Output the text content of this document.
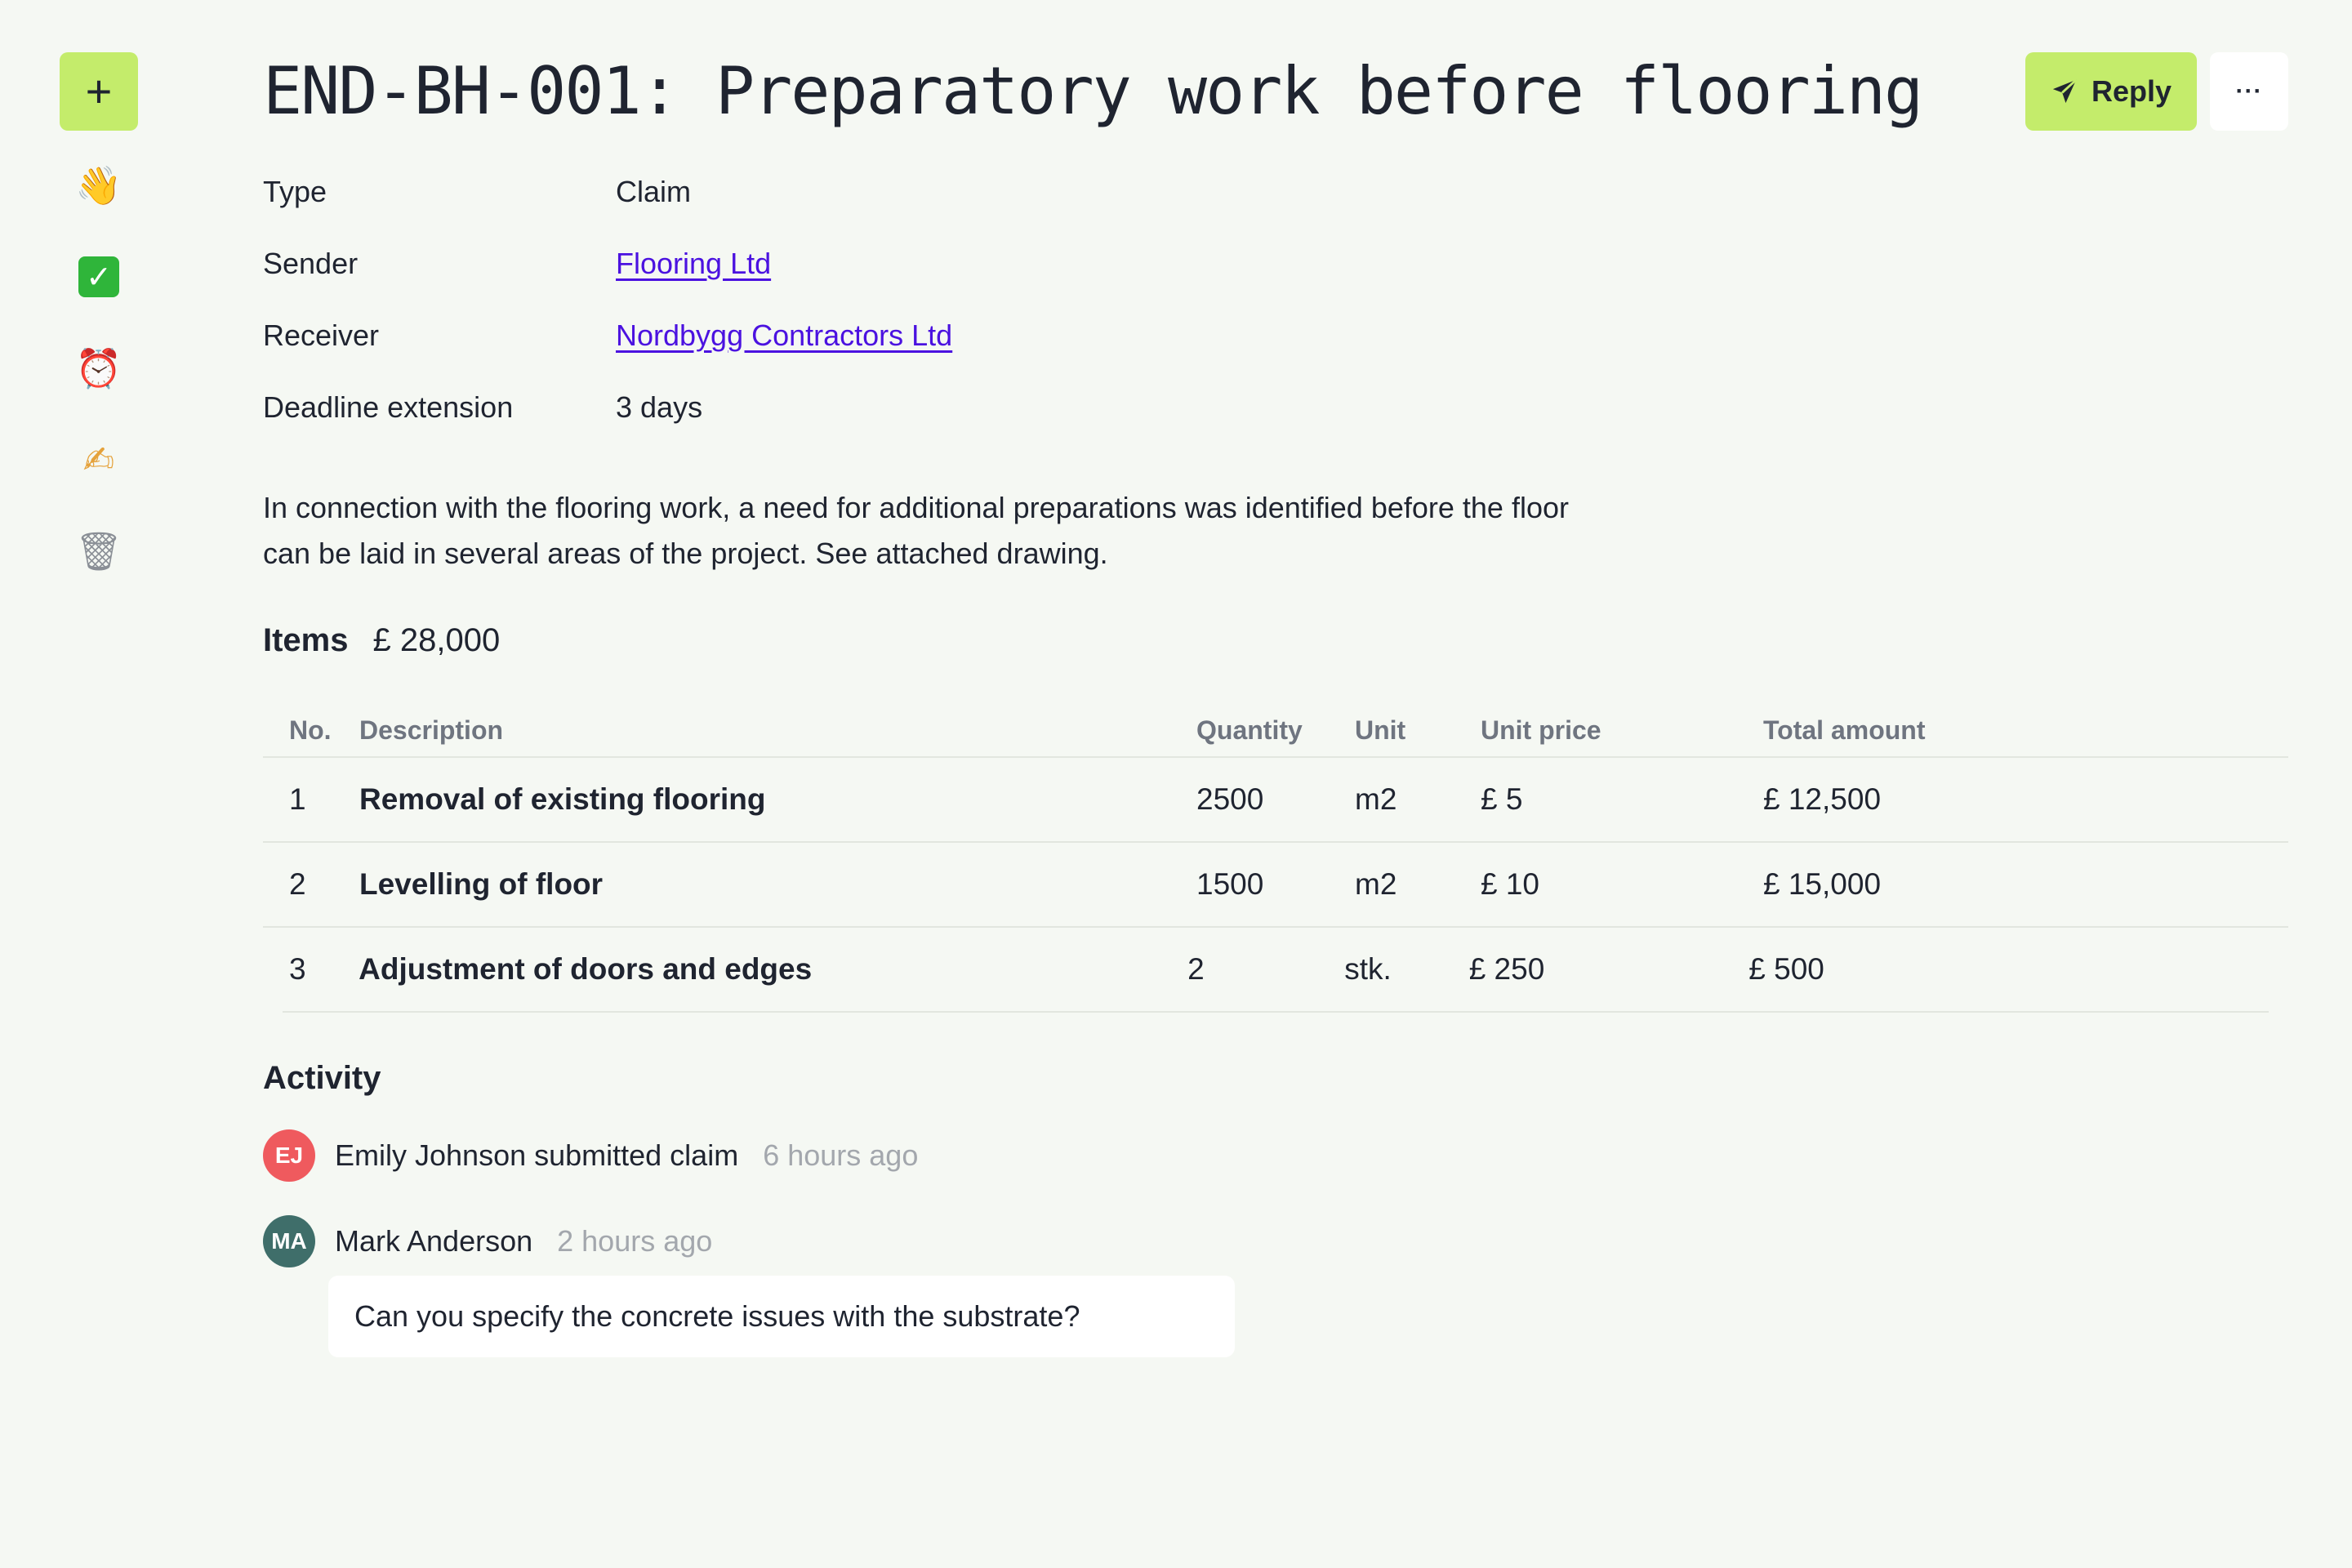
+
👋
✓
⏰
✍
🗑
END-BH-001: Preparatory work before flooring	Reply	···
Type	Claim
Sender	Flooring Ltd
Receiver	Nordbygg Contractors Ltd
Deadline extension	3 days

In connection with the flooring work, a need for additional preparations was identified before the floor can be laid in several areas of the project. See attached drawing.

Items £ 28,000
No.	Description	Quantity	Unit	Unit price	Total amount
1	Removal of existing flooring	2500	m2	£ 5	£ 12,500
2	Levelling of floor	1500	m2	£ 10	£ 15,000
3	Adjustment of doors and edges	2	stk.	£ 250	£ 500
Activity
EJ	Emily Johnson submitted claim 6 hours ago
MA Mark Anderson 2 hours ago
Can you specify the concrete issues with the substrate?
